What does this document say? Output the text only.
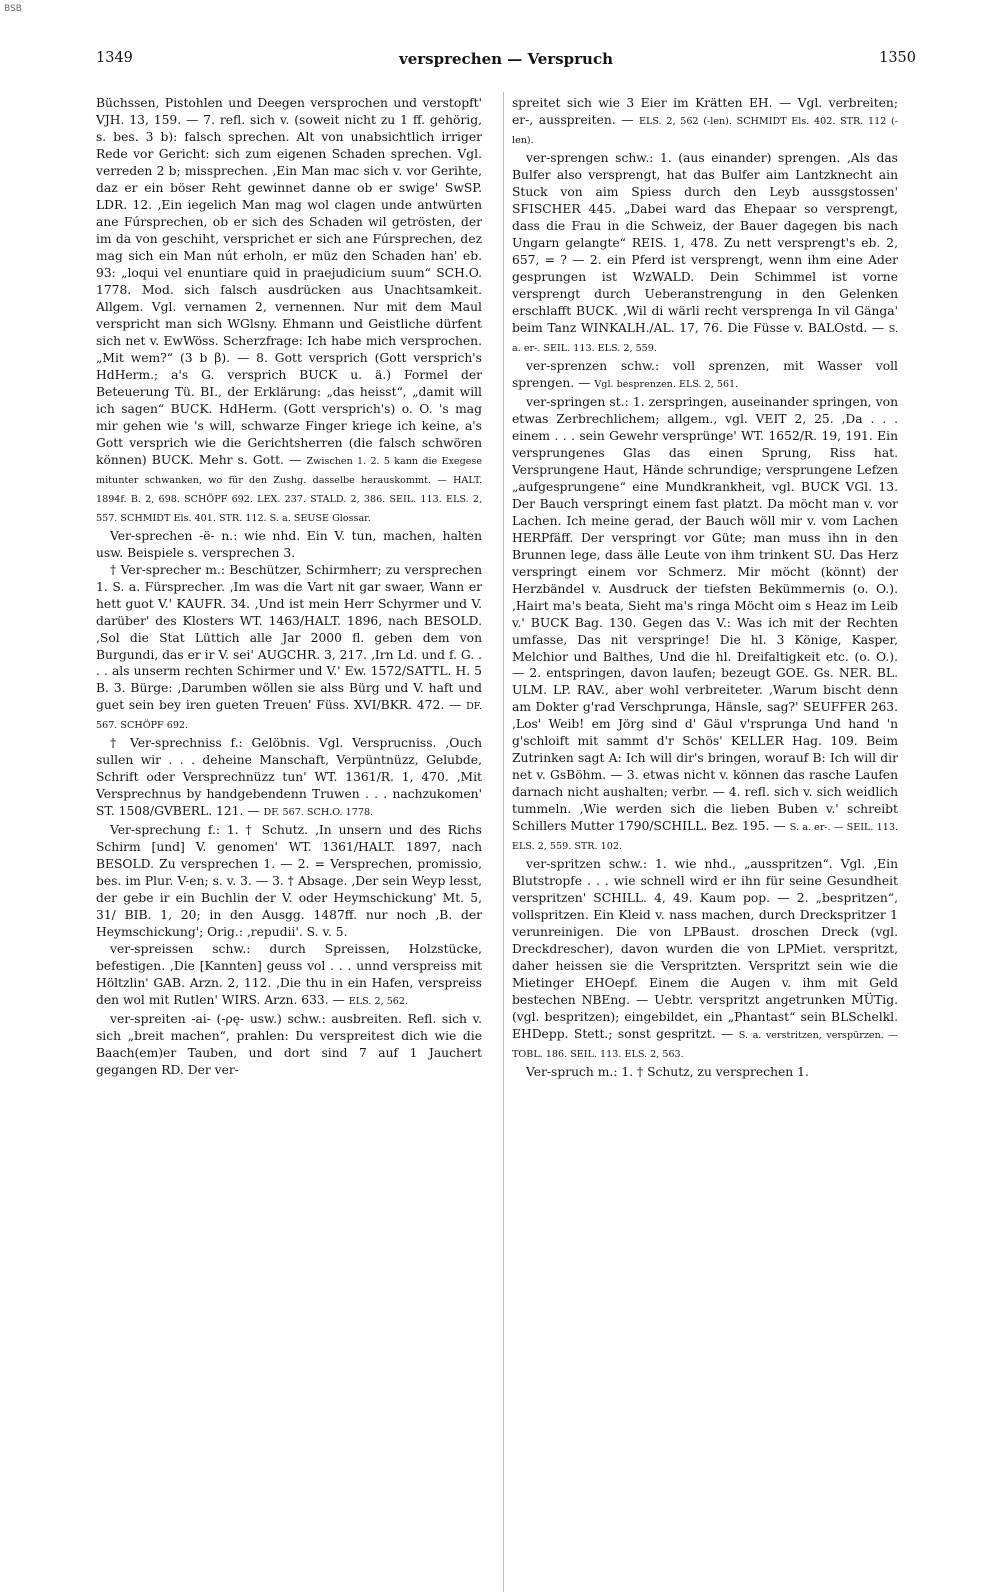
BSB
1349	versprechen — Verspruch	1350

Büchssen, Pistohlen und Deegen versprochen und verstopft' VJH. 13, 159. — 7. refl. sich v. (soweit nicht zu 1 ff. gehörig, s. bes. 3 b): falsch sprechen. Alt von unabsichtlich irriger Rede vor Gericht: sich zum eigenen Schaden sprechen. Vgl. verreden 2 b; missprechen. ‚Ein Man mac sich v. vor Gerihte, daz er ein böser Reht gewinnet danne ob er swige' SwSP. LDR. 12. ‚Ein iegelich Man mag wol clagen unde antwürten ane Fúrsprechen, ob er sich des Schaden wil getrösten, der im da von geschiht, versprichet er sich ane Fúrsprechen, dez mag sich ein Man nút erholn, er müz den Schaden han' eb. 93: „loqui vel enuntiare quid in praejudicium suum“ SCH.O. 1778. Mod. sich falsch ausdrücken aus Unachtsamkeit. Allgem. Vgl. vernamen 2, vernennen. Nur mit dem Maul verspricht man sich WGlsny. Ehmann und Geistliche dürfent sich net v. EwWöss. Scherzfrage: Ich habe mich versprochen. „Mit wem?“ (3 b β). — 8. Gott versprich (Gott versprich's HdHerm.; a's G. versprich BUCK u. ä.) Formel der Beteuerung Tü. BI., der Erklärung: „das heisst“, „damit will ich sagen“ BUCK. HdHerm. (Gott versprich's) o. O. 's mag mir gehen wie 's will, schwarze Finger kriege ich keine, a's Gott versprich wie die Gerichtsherren (die falsch schwören können) BUCK. Mehr s. Gott. — Zwischen 1. 2. 5 kann die Exegese mitunter schwanken, wo für den Zushg. dasselbe herauskommt. — HALT. 1894f. B. 2, 698. SCHÖPF 692. LEX. 237. STALD. 2, 386. SEIL. 113. ELS. 2, 557. SCHMIDT Els. 401. STR. 112. S. a. SEUSE Glossar.

Ver-sprechen -ë- n.: wie nhd. Ein V. tun, machen, halten usw. Beispiele s. versprechen 3.

† Ver-sprecher m.: Beschützer, Schirmherr; zu versprechen 1. S. a. Fürsprecher. ‚Im was die Vart nit gar swaer, Wann er hett guot V.' KAUFR. 34. ‚Und ist mein Herr Schyrmer und V. darüber' des Klosters WT. 1463/HALT. 1896, nach BESOLD. ‚Sol die Stat Lüttich alle Jar 2000 fl. geben dem von Burgundi, das er ir V. sei' AUGCHR. 3, 217. ‚Irn Ld. und f. G. . . . als unserm rechten Schirmer und V.' Ew. 1572/SATTL. H. 5 B. 3. Bürge: ‚Darumben wöllen sie alss Bürg und V. haft und guet sein bey iren gueten Treuen' Füss. XVI/BKR. 472. — DF. 567. SCHÖPF 692.

† Ver-sprechniss f.: Gelöbnis. Vgl. Versprucniss. ‚Ouch sullen wir . . . deheine Manschaft, Verpüntnüzz, Gelubde, Schrift oder Versprechnüzz tun' WT. 1361/R. 1, 470. ‚Mit Versprechnus by handgebendenn Truwen . . . nachzukomen' ST. 1508/GVBERL. 121. — DF. 567. SCH.O. 1778.

Ver-sprechung f.: 1. † Schutz. ‚In unsern und des Richs Schirm [und] V. genomen' WT. 1361/HALT. 1897, nach BESOLD. Zu versprechen 1. — 2. = Versprechen, promissio, bes. im Plur. V-en; s. v. 3. — 3. † Absage. ‚Der sein Weyp lesst, der gebe ir ein Buchlin der V. oder Heymschickung' Mt. 5, 31/ BIB. 1, 20; in den Ausgg. 1487ff. nur noch ‚B. der Heymschickung'; Orig.: ‚repudii'. S. v. 5.

ver-spreissen schw.: durch Spreissen, Holzstücke, befestigen. ‚Die [Kannten] geuss vol . . . unnd verspreiss mit Höltzlin' GAB. Arzn. 2, 112. ‚Die thu in ein Hafen, verspreiss den wol mit Rutlen' WIRS. Arzn. 633. — ELS. 2, 562.

ver-spreiten -ai- (-ρę- usw.) schw.: ausbreiten. Refl. sich v. sich „breit machen“, prahlen: Du verspreitest dich wie die Baach(em)er Tauben, und dort sind 7 auf 1 Jauchert gegangen RD. Der ver-

spreitet sich wie 3 Eier im Krätten EH. — Vgl. verbreiten; er-, ausspreiten. — ELS. 2, 562 (-len). SCHMIDT Els. 402. STR. 112 (-len).

ver-sprengen schw.: 1. (aus einander) sprengen. ‚Als das Bulfer also versprengt, hat das Bulfer aim Lantzknecht ain Stuck von aim Spiess durch den Leyb aussgstossen' SFISCHER 445. „Dabei ward das Ehepaar so versprengt, dass die Frau in die Schweiz, der Bauer dagegen bis nach Ungarn gelangte“ REIS. 1, 478. Zu nett versprengt's eb. 2, 657, = ? — 2. ein Pferd ist versprengt, wenn ihm eine Ader gesprungen ist WzWALD. Dein Schimmel ist vorne versprengt durch Ueberanstrengung in den Gelenken erschlafft BUCK. ‚Wil di wärli recht versprenga In vil Gänga' beim Tanz WINKALH./AL. 17, 76. Die Füsse v. BALOstd. — S. a. er-. SEIL. 113. ELS. 2, 559.

ver-sprenzen schw.: voll sprenzen, mit Wasser voll sprengen. — Vgl. besprenzen. ELS. 2, 561.

ver-springen st.: 1. zerspringen, auseinander springen, von etwas Zerbrechlichem; allgem., vgl. VEIT 2, 25. ‚Da . . . einem . . . sein Gewehr versprünge' WT. 1652/R. 19, 191. Ein versprungenes Glas das einen Sprung, Riss hat. Versprungene Haut, Hände schrundige; versprungene Lefzen „aufgesprungene“ eine Mundkrankheit, vgl. BUCK VGl. 13. Der Bauch verspringt einem fast platzt. Da möcht man v. vor Lachen. Ich meine gerad, der Bauch wöll mir v. vom Lachen HERPfäff. Der verspringt vor Güte; man muss ihn in den Brunnen lege, dass älle Leute von ihm trinkent SU. Das Herz verspringt einem vor Schmerz. Mir möcht (könnt) der Herzbändel v. Ausdruck der tiefsten Bekümmernis (o. O.). ‚Hairt ma's beata, Sieht ma's ringa Möcht oim s Heaz im Leib v.' BUCK Bag. 130. Gegen das V.: Was ich mit der Rechten umfasse, Das nit verspringe! Die hl. 3 Könige, Kasper, Melchior und Balthes, Und die hl. Dreifaltigkeit etc. (o. O.). — 2. entspringen, davon laufen; bezeugt GOE. Gs. NER. BL. ULM. LP. RAV., aber wohl verbreiteter. ‚Warum bischt denn am Dokter g'rad Verschprunga, Hänsle, sag?' SEUFFER 263. ‚Los' Weib! em Jörg sind d' Gäul v'rsprunga Und hand 'n g'schloift mit sammt d'r Schös' KELLER Hag. 109. Beim Zutrinken sagt A: Ich will dir's bringen, worauf B: Ich will dir net v. GsBöhm. — 3. etwas nicht v. können das rasche Laufen darnach nicht aushalten; verbr. — 4. refl. sich v. sich weidlich tummeln. ‚Wie werden sich die lieben Buben v.' schreibt Schillers Mutter 1790/SCHILL. Bez. 195. — S. a. er-. — SEIL. 113. ELS. 2, 559. STR. 102.

ver-spritzen schw.: 1. wie nhd., „ausspritzen“. Vgl. ‚Ein Blutstropfe . . . wie schnell wird er ihn für seine Gesundheit verspritzen' SCHILL. 4, 49. Kaum pop. — 2. „bespritzen“, vollspritzen. Ein Kleid v. nass machen, durch Dreckspritzer 1 verunreinigen. Die von LPBaust. droschen Dreck (vgl. Dreckdrescher), davon wurden die von LPMiet. verspritzt, daher heissen sie die Verspritzten. Verspritzt sein wie die Mietinger EHOepf. Einem die Augen v. ihm mit Geld bestechen NBEng. — Uebtr. verspritzt angetrunken MÜTig. (vgl. bespritzen); eingebildet, ein „Phantast“ sein BLSchelkl. EHDepp. Stett.; sonst gespritzt. — S. a. verstritzen, verspürzen. — TOBL. 186. SEIL. 113. ELS. 2, 563.

Ver-spruch m.: 1. † Schutz, zu versprechen 1.
